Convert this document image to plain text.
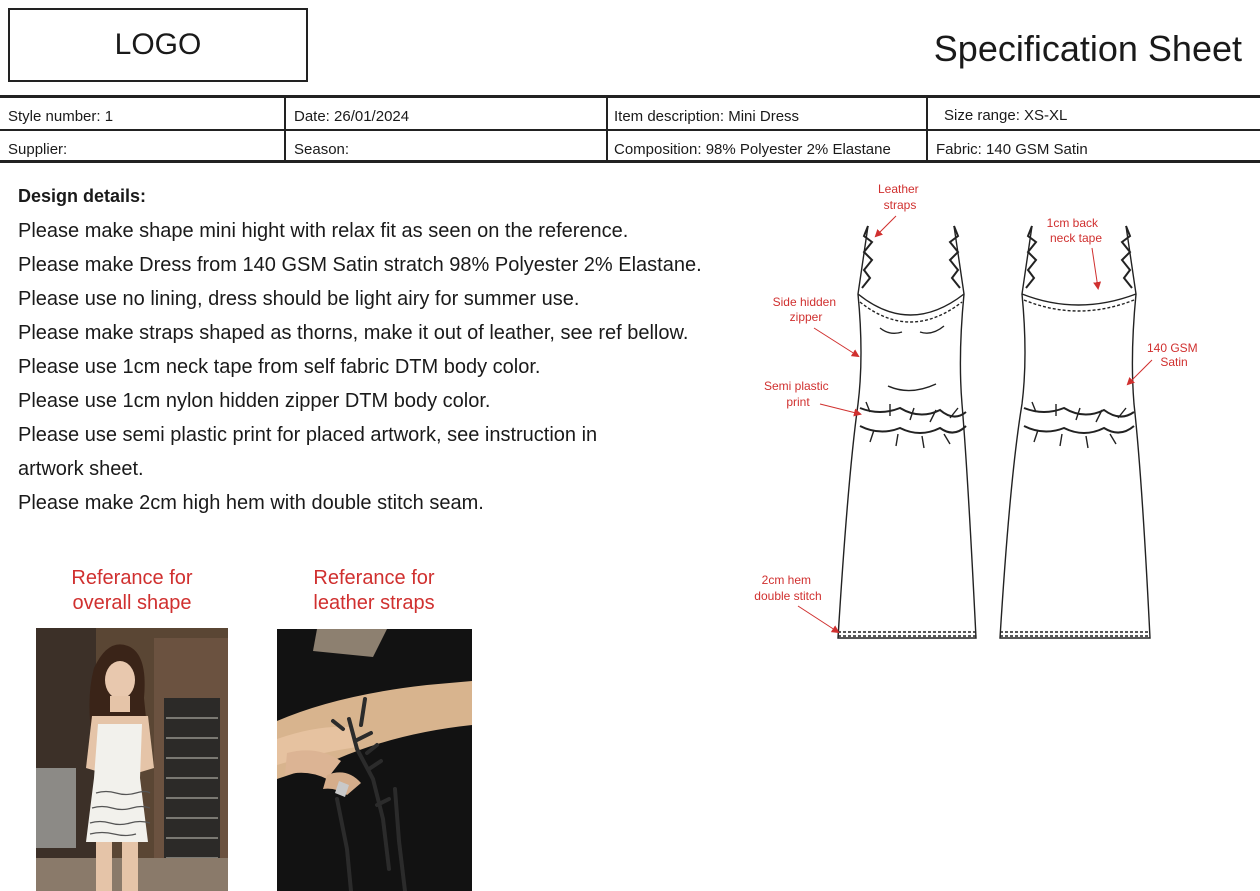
LOGO	Specification Sheet
Style number: 1	Date: 26/01/2024	Item description: Mini Dress	Size range: XS-XL
Supplier:	Season:	Composition: 98% Polyester 2% Elastane	Fabric: 140 GSM Satin
Design details:
Please make shape mini hight with relax fit as seen on the reference.
Please make Dress from 140 GSM Satin stratch 98% Polyester 2% Elastane.
Please use no lining, dress should be light airy for summer use.
Please make straps shaped as thorns, make it out of leather, see ref bellow.
Please use 1cm neck tape from self fabric DTM body color.
Please use 1cm nylon hidden zipper DTM body color.
Please use semi plastic print for placed artwork, see instruction in
artwork sheet.
Please make 2cm high hem with double stitch seam.
Referance for
overall shape
Referance for
leather straps
Leather straps
1cm back neck tape
Side hidden zipper
140 GSM Satin
Semi plastic print
2cm hem double stitch
